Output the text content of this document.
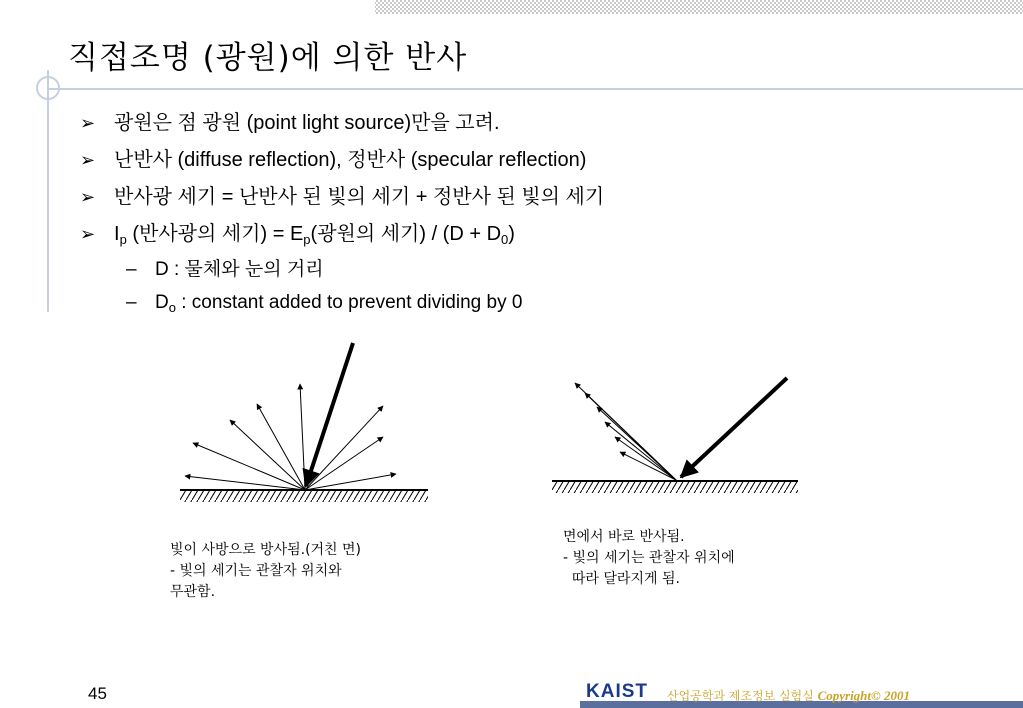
직접조명 (광원)에 의한 반사
➢ 광원은 점 광원 (point light source)만을 고려.
➢ 난반사 (diffuse reflection), 정반사 (specular reflection)
➢ 반사광 세기 = 난반사 된 빛의 세기 + 정반사 된 빛의 세기
➢ $I_p$ (반사광의 세기) = $E_p$(광원의 세기) / $(D + D_0)$
– D : 물체와 눈의 거리
– $D_o$ : constant added to prevent dividing by 0
빛이 사방으로 방사됨.(거친 면)
- 빛의 세기는 관찰자 위치와
무관함.
면에서 바로 반사됨.
- 빛의 세기는 관찰자 위치에
따라 달라지게 됨.
45	KAIST 산업공학과 제조정보 실험실 Copyright© 2001
